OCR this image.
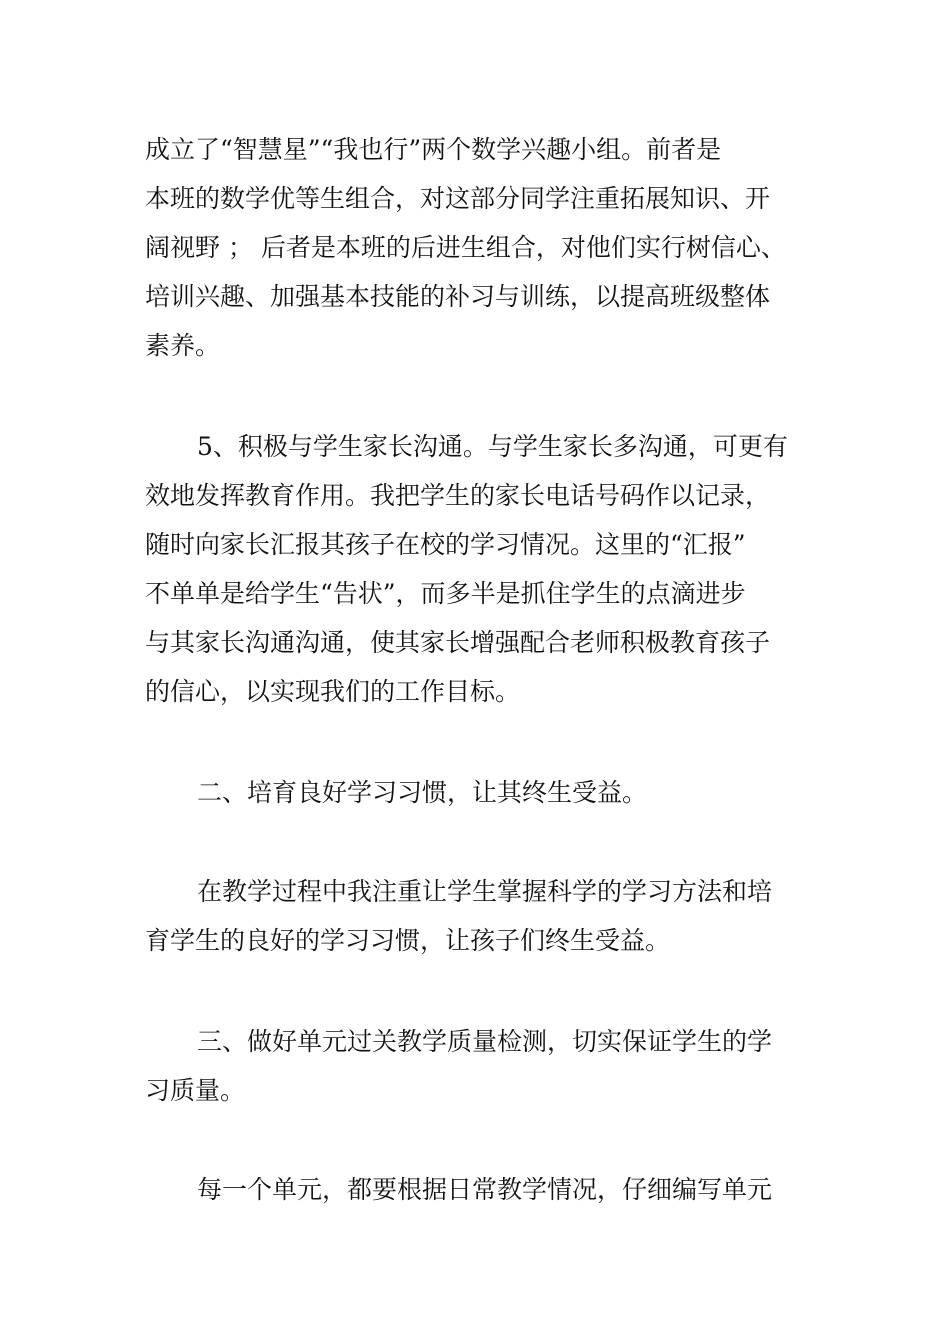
成立了“智慧星”“我也行”两个数学兴趣小组。前者是
本班的数学优等生组合，对这部分同学注重拓展知识、开
阔视野 ； 后者是本班的后进生组合，对他们实行树信心、
培训兴趣、加强基本技能的补习与训练，以提高班级整体
素养。
5、积极与学生家长沟通。与学生家长多沟通，可更有
效地发挥教育作用。我把学生的家长电话号码作以记录，
随时向家长汇报其孩子在校的学习情况。这里的“汇报”
不单单是给学生“告状”，而多半是抓住学生的点滴进步
与其家长沟通沟通，使其家长增强配合老师积极教育孩子
的信心，以实现我们的工作目标。
二、培育良好学习习惯，让其终生受益。
在教学过程中我注重让学生掌握科学的学习方法和培
育学生的良好的学习习惯，让孩子们终生受益。
三、做好单元过关教学质量检测，切实保证学生的学
习质量。
每一个单元，都要根据日常教学情况，仔细编写单元
